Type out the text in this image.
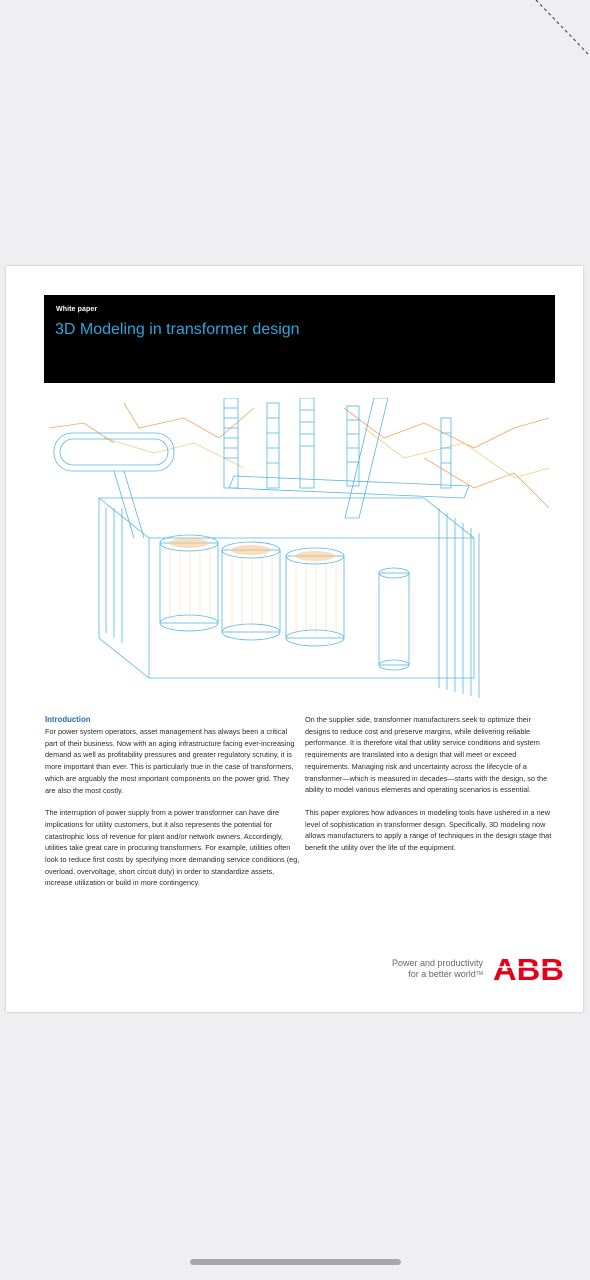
White paper
3D Modeling in transformer design
Introduction

For power system operators, asset management has always been a critical part of their business. Now with an aging infrastructure facing ever-increasing demand as well as profitability pressures and greater regulatory scrutiny, it is more important than ever. This is particularly true in the case of transformers, which are arguably the most important components on the power grid. They are also the most costly.

The interruption of power supply from a power transformer can have dire implications for utility customers, but it also represents the potential for catastrophic loss of revenue for plant and/or network owners. Accordingly, utilities take great care in procuring transformers. For example, utilities often look to reduce first costs by specifying more demanding service conditions (eg, overload, overvoltage, short circuit duty) in order to standardize assets, increase utilization or build in more contingency.

On the supplier side, transformer manufacturers seek to optimize their designs to reduce cost and preserve margins, while delivering reliable performance. It is therefore vital that utility service conditions and system requirements are translated into a design that will meet or exceed requirements. Managing risk and uncertainty across the lifecycle of a transformer—which is measured in decades—starts with the design, so the ability to model various elements and operating scenarios is essential.

This paper explores how advances in modeling tools have ushered in a new level of sophistication in transformer design. Specifically, 3D modeling now allows manufacturers to apply a range of techniques in the design stage that benefit the utility over the life of the equipment.

Power and productivity
for a better world™ ABB
